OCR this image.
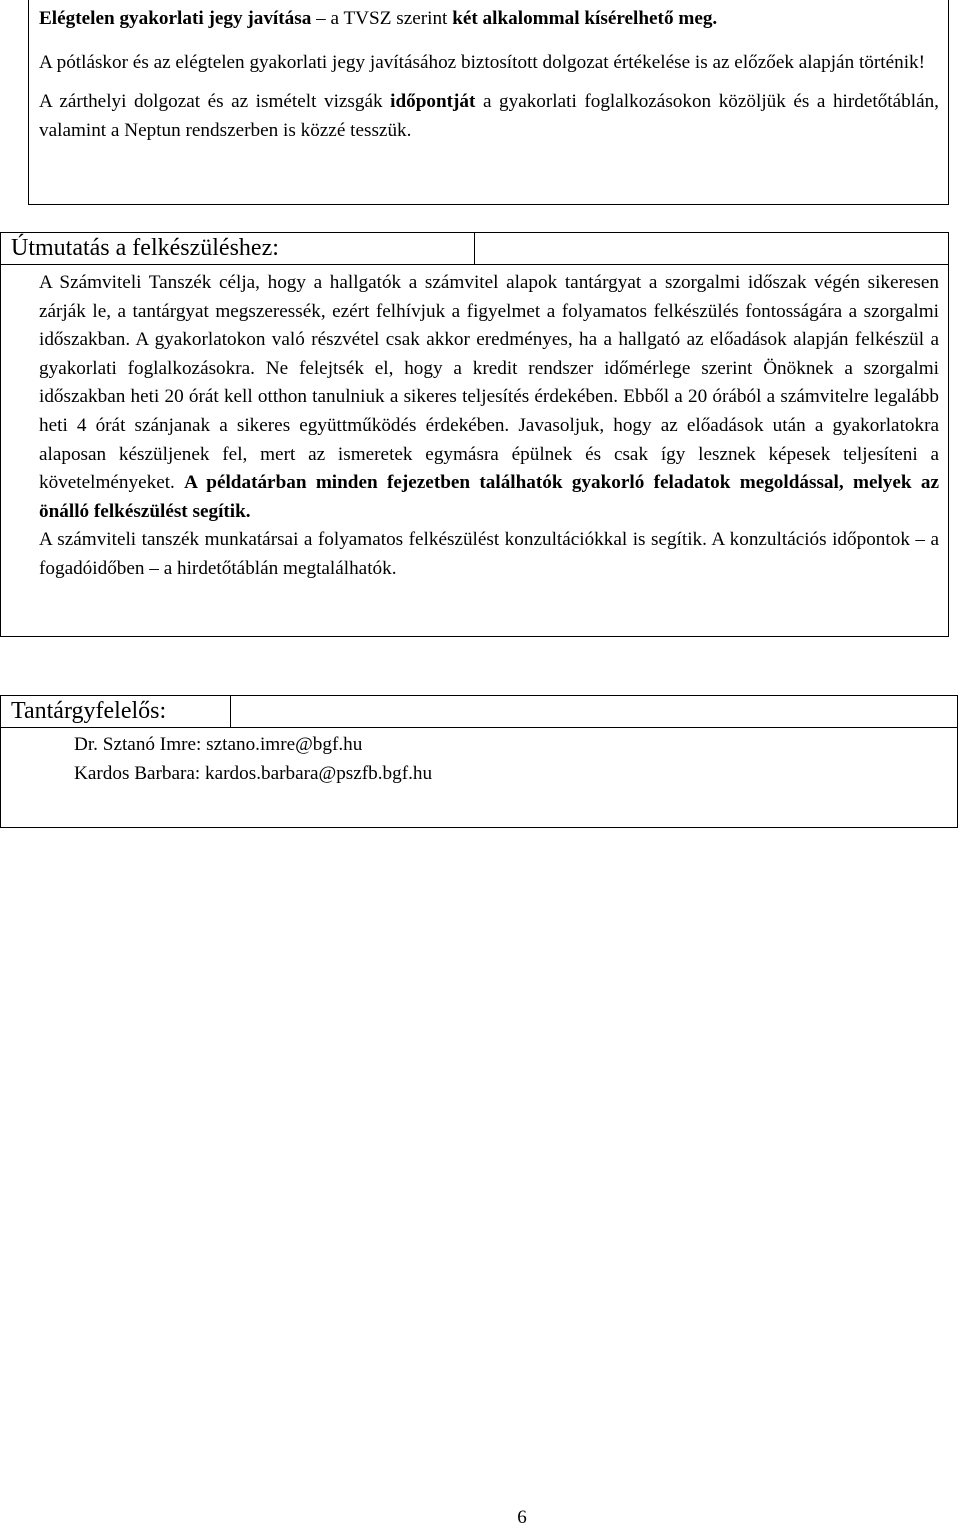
Elégtelen gyakorlati jegy javítása – a TVSZ szerint két alkalommal kísérelhető meg.

A pótláskor és az elégtelen gyakorlati jegy javításához biztosított dolgozat értékelése is az előzőek alapján történik!

A zárthelyi dolgozat és az ismételt vizsgák időpontját a gyakorlati foglalkozásokon közöljük és a hirdetőtáblán, valamint a Neptun rendszerben is közzé tesszük.

Útmutatás a felkészüléshez:

A Számviteli Tanszék célja, hogy a hallgatók a számvitel alapok tantárgyat a szorgalmi időszak végén sikeresen zárják le, a tantárgyat megszeressék, ezért felhívjuk a figyelmet a folyamatos felkészülés fontosságára a szorgalmi időszakban. A gyakorlatokon való részvétel csak akkor eredményes, ha a hallgató az előadások alapján felkészül a gyakorlati foglalkozásokra. Ne felejtsék el, hogy a kredit rendszer időmérlege szerint Önöknek a szorgalmi időszakban heti 20 órát kell otthon tanulniuk a sikeres teljesítés érdekében. Ebből a 20 órából a számvitelre legalább heti 4 órát szánjanak a sikeres együttműködés érdekében. Javasoljuk, hogy az előadások után a gyakorlatokra alaposan készüljenek fel, mert az ismeretek egymásra épülnek és csak így lesznek képesek teljesíteni a követelményeket. A példatárban minden fejezetben találhatók gyakorló feladatok megoldással, melyek az önálló felkészülést segítik.

A számviteli tanszék munkatársai a folyamatos felkészülést konzultációkkal is segítik. A konzultációs időpontok – a fogadóidőben – a hirdetőtáblán megtalálhatók.

Tantárgyfelelős:

Dr. Sztanó Imre: sztano.imre@bgf.hu

Kardos Barbara: kardos.barbara@pszfb.bgf.hu

6
